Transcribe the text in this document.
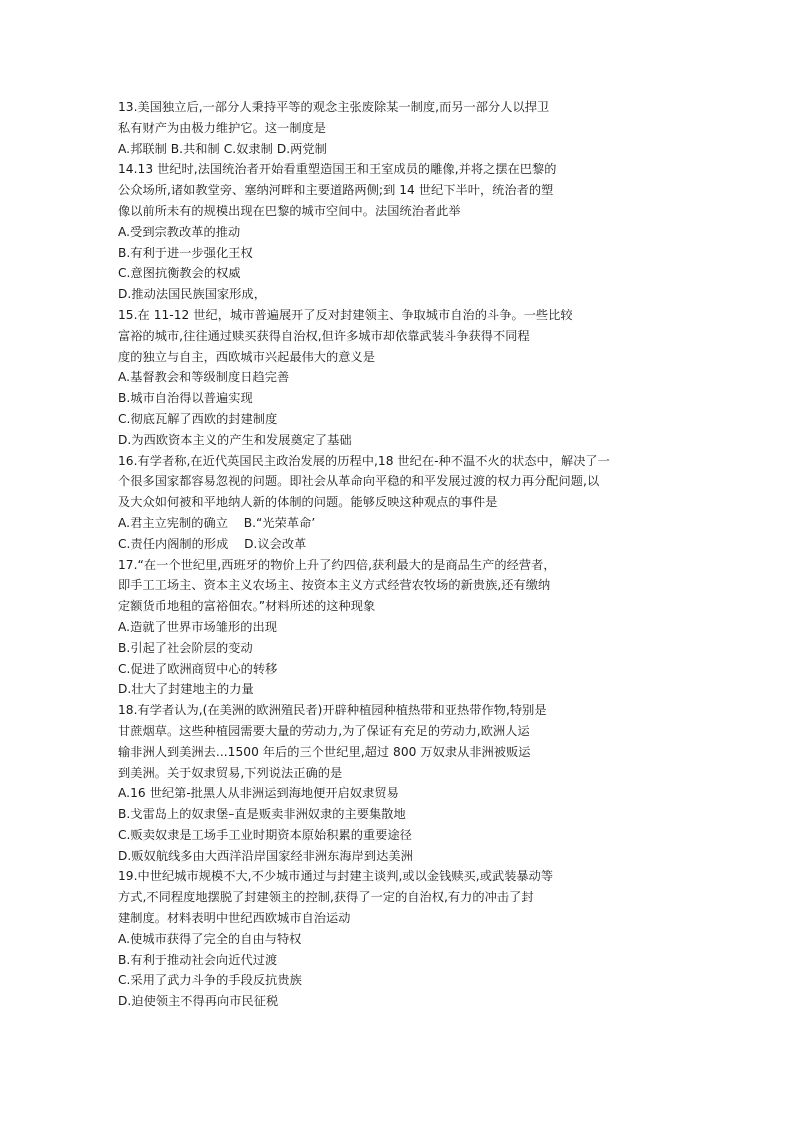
13.美国独立后,一部分人秉持平等的观念主张废除某一制度,而另一部分人以捍卫
私有财产为由极力维护它。这一制度是
A.邦联制 B.共和制 C.奴隶制 D.两党制
14.13 世纪时,法国统治者开始看重塑造国王和王室成员的雕像,并将之摆在巴黎的
公众场所,诸如教堂旁、塞纳河畔和主要道路两侧;到 14 世纪下半叶，统治者的塑
像以前所未有的规模出现在巴黎的城市空间中。法国统治者此举
A.受到宗教改革的推动
B.有利于进一步强化王权
C.意图抗衡教会的权威
D.推动法国民族国家形成，
15.在 11-12 世纪，城市普遍展开了反对封建领主、争取城市自治的斗争。一些比较
富裕的城市,往往通过赎买获得自治权,但许多城市却依靠武装斗争获得不同程
度的独立与自主，西欧城市兴起最伟大的意义是
A.基督教会和等级制度日趋完善
B.城市自治得以普遍实现
C.彻底瓦解了西欧的封建制度
D.为西欧资本主义的产生和发展奠定了基础
16.有学者称,在近代英国民主政治发展的历程中,18 世纪在-种不温不火的状态中，解决了一
个很多国家都容易忽视的问题。即社会从革命向平稳的和平发展过渡的权力再分配问题,以
及大众如何被和平地纳人新的体制的问题。能够反映这种观点的事件是
A.君主立宪制的确立    B.“光荣革命’
C.责任内阁制的形成    D.议会改革
17.“在一个世纪里,西班牙的物价上升了约四倍,获利最大的是商品生产的经营者，
即手工工场主、资本主义农场主、按资本主义方式经营农牧场的新贵族,还有缴纳
定额货币地租的富裕佃农。”材料所述的这种现象
A.造就了世界市场雏形的出现
B.引起了社会阶层的变动
C.促进了欧洲商贸中心的转移
D.壮大了封建地主的力量
18.有学者认为,(在美洲的欧洲殖民者)开辟种植园种植热带和亚热带作物,特别是
甘蔗烟草。这些种植园需要大量的劳动力,为了保证有充足的劳动力,欧洲人运
输非洲人到美洲去...1500 年后的三个世纪里,超过 800 万奴隶从非洲被贩运
到美洲。关于奴隶贸易,下列说法正确的是
A.16 世纪第-批黑人从非洲运到海地便开启奴隶贸易
B.戈雷岛上的奴隶堡–直是贩卖非洲奴隶的主要集散地
C.贩卖奴隶是工场手工业时期资本原始积累的重要途径
D.贩奴航线多由大西洋沿岸国家经非洲东海岸到达美洲
19.中世纪城市规模不大,不少城市通过与封建主谈判,或以金钱赎买,或武装暴动等
方式,不同程度地摆脱了封建领主的控制,获得了一定的自治权,有力的冲击了封
建制度。材料表明中世纪西欧城市自治运动
A.使城市获得了完全的自由与特权
B.有利于推动社会向近代过渡
C.采用了武力斗争的手段反抗贵族
D.迫使领主不得再向市民征税
